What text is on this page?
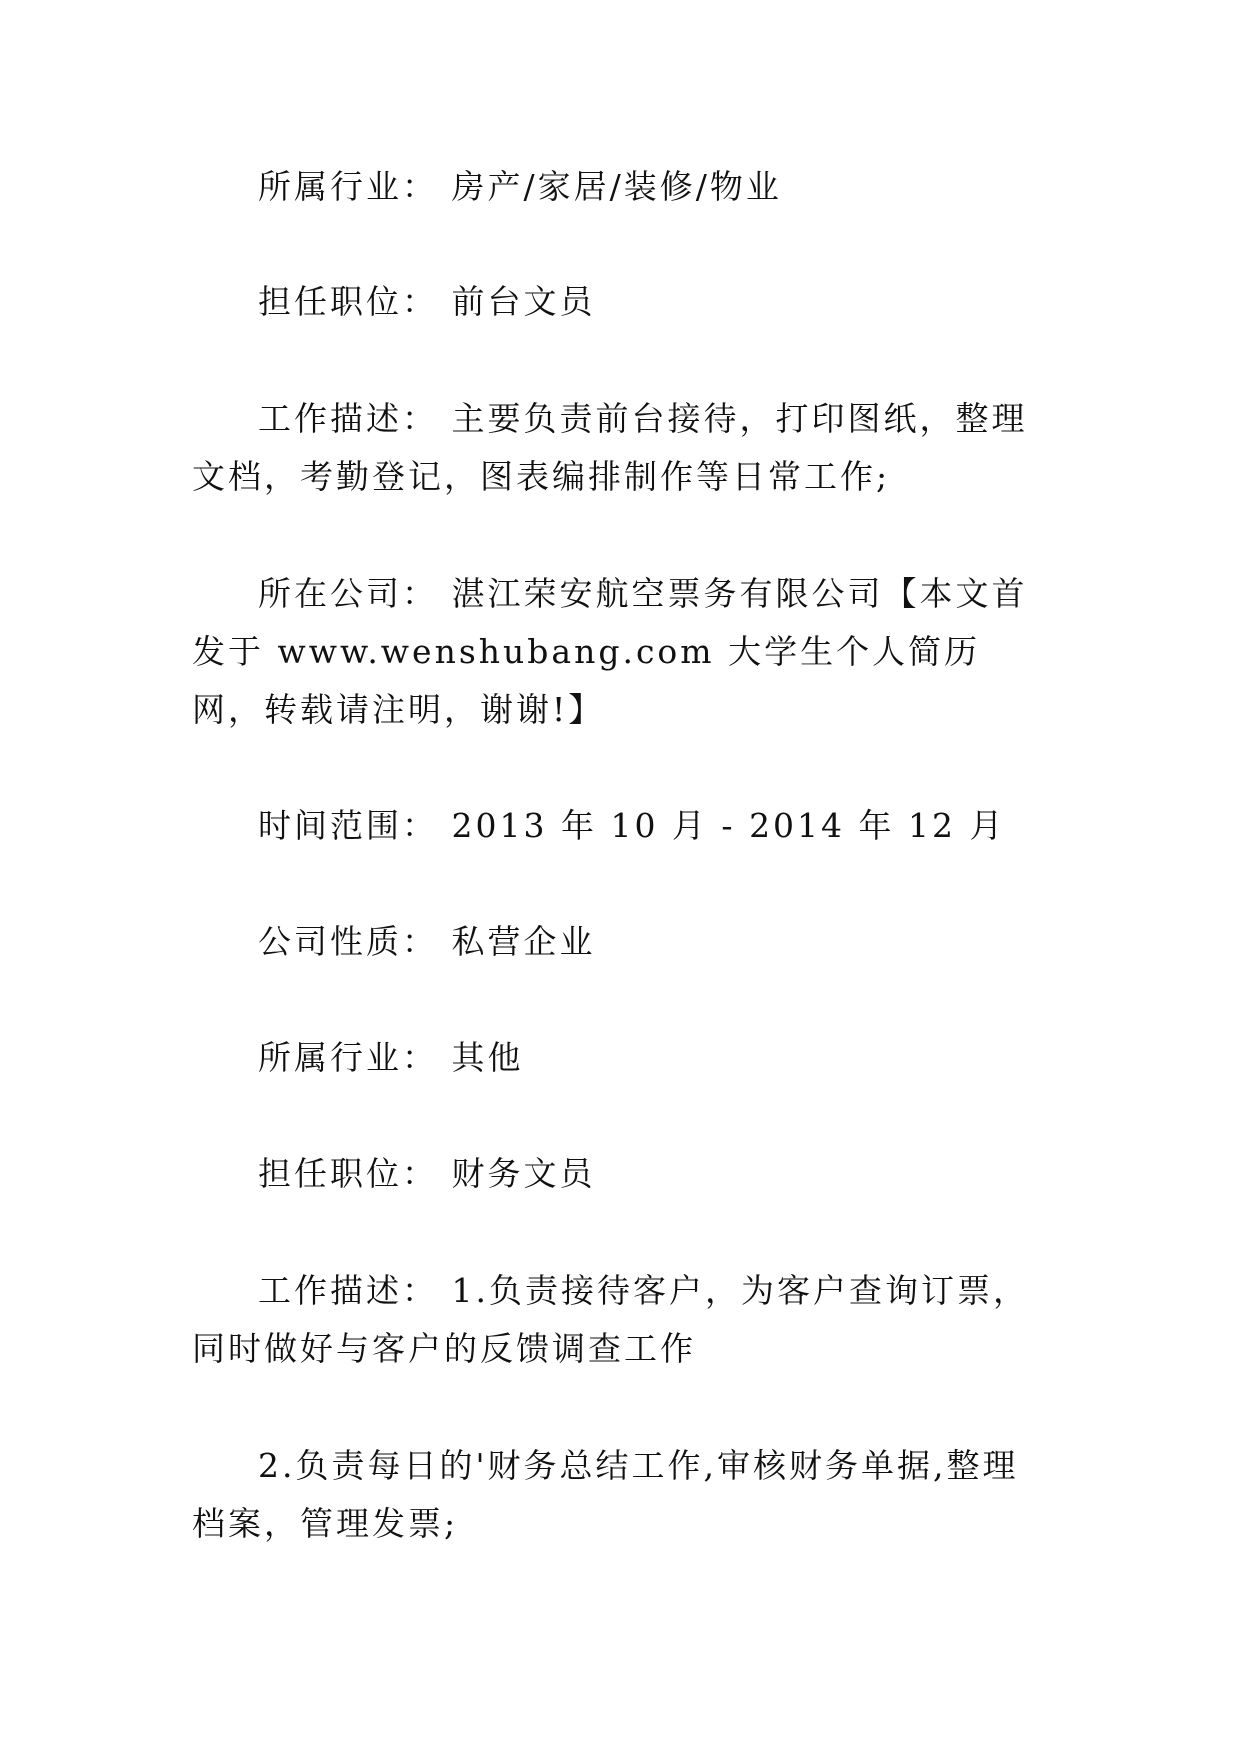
所属行业： 房产/家居/装修/物业

担任职位： 前台文员

工作描述： 主要负责前台接待，打印图纸，整理文档，考勤登记，图表编排制作等日常工作;

所在公司： 湛江荣安航空票务有限公司【本文首发于 www.wenshubang.com 大学生个人简历网，转载请注明，谢谢!】

时间范围： 2013 年 10 月 - 2014 年 12 月

公司性质： 私营企业

所属行业： 其他

担任职位： 财务文员

工作描述： 1.负责接待客户，为客户查询订票，同时做好与客户的反馈调查工作

2.负责每日的'财务总结工作,审核财务单据,整理档案，管理发票;
